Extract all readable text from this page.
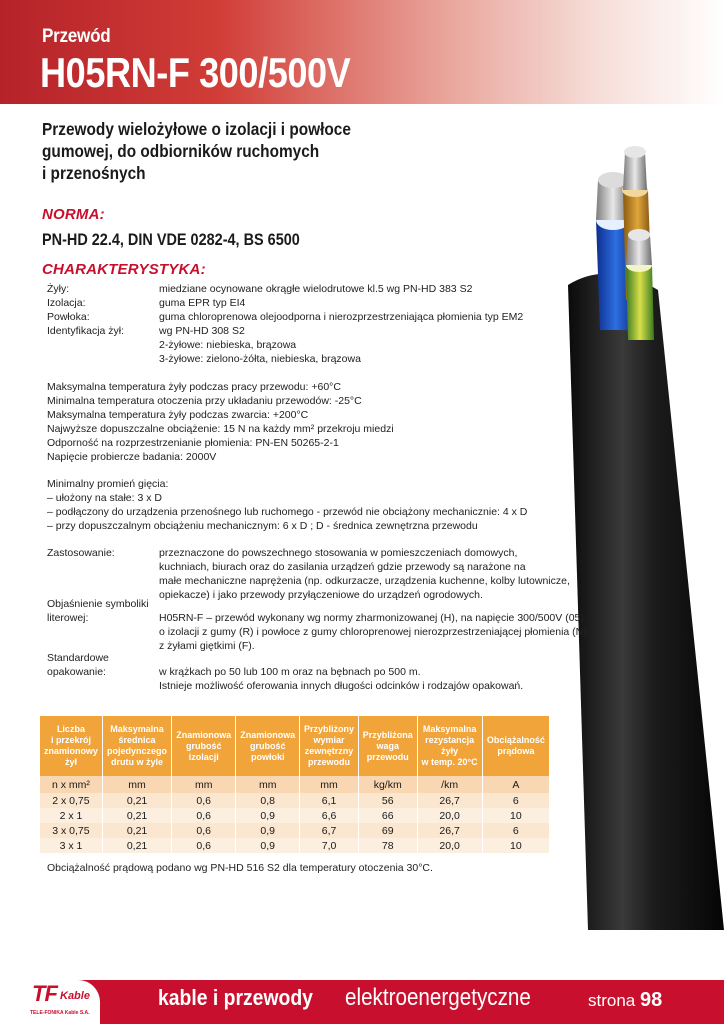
Przewód
H05RN-F 300/500V
Przewody wielożyłowe o izolacji i powłoce
gumowej, do odbiorników ruchomych
i przenośnych
NORMA:
PN-HD 22.4, DIN VDE 0282-4, BS 6500
CHARAKTERYSTYKA:
Żyły:	miedziane ocynowane okrągłe wielodrutowe kl.5 wg PN-HD 383 S2
Izolacja:	guma EPR typ EI4
Powłoka:	guma chloroprenowa olejoodporna i nierozprzestrzeniająca płomienia typ EM2
Identyfikacja żył:	wg PN-HD 308 S2
2-żyłowe: niebieska, brązowa
3-żyłowe: zielono-żółta, niebieska, brązowa
Maksymalna temperatura żyły podczas pracy przewodu: +60°C
Minimalna temperatura otoczenia przy układaniu przewodów: -25°C
Maksymalna temperatura żyły podczas zwarcia: +200°C
Najwyższe dopuszczalne obciążenie: 15 N na każdy mm² przekroju miedzi
Odporność na rozprzestrzenianie płomienia: PN-EN 50265-2-1
Napięcie probiercze badania: 2000V
Minimalny promień gięcia:
– ułożony na stałe: 3 x D
– podłączony do urządzenia przenośnego lub ruchomego - przewód nie obciążony mechanicznie: 4 x D
– przy dopuszczalnym obciążeniu mechanicznym: 6 x D ; D - średnica zewnętrzna przewodu
Zastosowanie:	przeznaczone do powszechnego stosowania w pomieszczeniach domowych,
kuchniach, biurach oraz do zasilania urządzeń gdzie przewody są narażone na
małe mechaniczne naprężenia (np. odkurzacze, urządzenia kuchenne, kolby lutownicze,
opiekacze) i jako przewody przyłączeniowe do urządzeń ogrodowych.
Objaśnienie symboliki
literowej:	H05RN-F – przewód wykonany wg normy zharmonizowanej (H), na napięcie 300/500V (05),
o izolacji z gumy (R) i powłoce z gumy chloroprenowej nierozprzestrzeniającej płomienia (N)
z żyłami giętkimi (F).
Standardowe
opakowanie:	w krążkach po 50 lub 100 m oraz na bębnach po 500 m.
Istnieje możliwość oferowania innych długości odcinków i rodzajów opakowań.
Liczba
i przekrój
znamionowy
żył	Maksymalna
średnica
pojedynczego
drutu w żyle	Znamionowa
grubość
izolacji	Znamionowa
grubość
powłoki	Przybliżony
wymiar
zewnętrzny
przewodu	Przybliżona
waga
przewodu	Maksymalna
rezystancja
żyły
w temp. 20°C	Obciążalność
prądowa
n x mm²	mm	mm	mm	mm	kg/km	/km	A
2 x 0,75	0,21	0,6	0,8	6,1	56	26,7	6
2 x 1	0,21	0,6	0,9	6,6	66	20,0	10
3 x 0,75	0,21	0,6	0,9	6,7	69	26,7	6
3 x 1	0,21	0,6	0,9	7,0	78	20,0	10
Obciążalność prądową podano wg PN-HD 516 S2 dla temperatury otoczenia 30°C.
TF Kable
TELE-FONIKA Kable S.A.
kable i przewody elektroenergetyczne	strona 98
